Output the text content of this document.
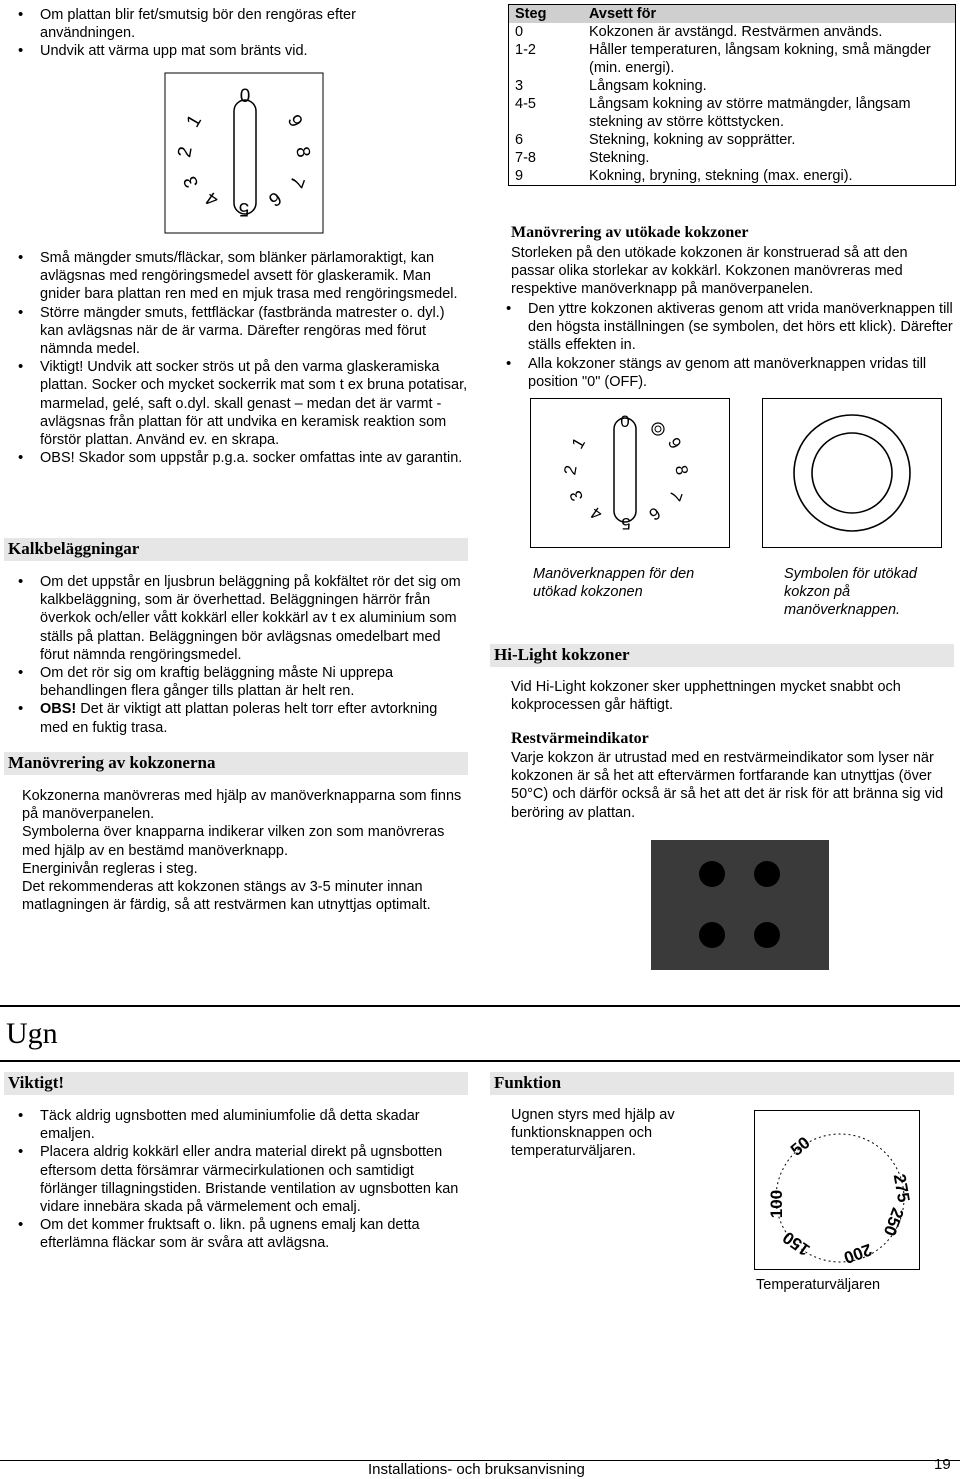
• Om plattan blir fet/smutsig bör den rengöras efter användningen.
• Undvik att värma upp mat som bränts vid.
0
1
2
3
4 5 6
7
8
9
• Små mängder smuts/fläckar, som blänker pärlamoraktigt, kan avlägsnas med rengöringsmedel avsett för glaskeramik. Man gnider bara plattan ren med en mjuk trasa med rengöringsmedel.
• Större mängder smuts, fettfläckar (fastbrända matrester o. dyl.) kan avlägsnas när de är varma. Därefter rengöras med förut nämnda medel.
• Viktigt! Undvik att socker strös ut på den varma glaskeramiska plattan. Socker och mycket sockerrik mat som t ex bruna potatisar, marmelad, gelé, saft o.dyl. skall genast – medan det är varmt - avlägsnas från plattan för att undvika en keramisk reaktion som förstör plattan. Använd ev. en skrapa.
• OBS! Skador som uppstår p.g.a. socker omfattas inte av garantin.
Kalkbeläggningar
• Om det uppstår en ljusbrun beläggning på kokfältet rör det sig om kalkbeläggning, som är överhettad. Beläggningen härrör från överkok och/eller vått kokkärl eller kokkärl av t ex aluminium som ställs på plattan. Beläggningen bör avlägsnas omedelbart med förut nämnda rengöringsmedel.
• Om det rör sig om kraftig beläggning måste Ni upprepa behandlingen flera gånger tills plattan är helt ren.
• OBS! Det är viktigt att plattan poleras helt torr efter avtorkning med en fuktig trasa.
Manövrering av kokzonerna

Kokzonerna manövreras med hjälp av manöverknapparna som finns på manöverpanelen.

Symbolerna över knapparna indikerar vilken zon som manövreras med hjälp av en bestämd manöverknapp.

Energinivån regleras i steg.

Det rekommenderas att kokzonen stängs av 3-5 minuter innan matlagningen är färdig, så att restvärmen kan utnyttjas optimalt.

Steg	Avsett för
0	Kokzonen är avstängd. Restvärmen används.
1-2	Håller temperaturen, långsam kokning, små mängder (min. energi).
3	Långsam kokning.
4-5	Långsam kokning av större matmängder, långsam stekning av större köttstycken.
6	Stekning, kokning av sopprätter.
7-8	Stekning.
9	Kokning, bryning, stekning (max. energi).
Manövrering av utökade kokzoner
Storleken på den utökade kokzonen är konstruerad så att den passar olika storlekar av kokkärl. Kokzonen manövreras med respektive manöverknapp på manöverpanelen.
• Den yttre kokzonen aktiveras genom att vrida manöverknappen till den högsta inställningen (se symbolen, det hörs ett klick). Därefter ställs effekten in.
• Alla kokzoner stängs av genom att manöverknappen vridas till position "0" (OFF).
0
1
2
3
4 5 6
7
8
9
Manöverknappen för den utökad kokzonen
Symbolen för utökad kokzon på manöverknappen.
Hi-Light kokzoner
Vid Hi-Light kokzoner sker upphettningen mycket snabbt och kokprocessen går häftigt.
Restvärmeindikator
Varje kokzon är utrustad med en restvärmeindikator som lyser när kokzonen är så het att eftervärmen fortfarande kan utnyttjas (över 50°C) och därför också är så het att det är risk för att bränna sig vid beröring av plattan.
Ugn
Viktigt!
• Täck aldrig ugnsbotten med aluminiumfolie då detta skadar emaljen.
• Placera aldrig kokkärl eller andra material direkt på ugnsbotten eftersom detta försämrar värmecirkulationen och samtidigt förlänger tillagningstiden. Bristande ventilation av ugnsbotten kan vidare innebära skada på värmelement och emalj.
• Om det kommer fruktsaft o. likn. på ugnens emalj kan detta efterlämna fläckar som är svåra att avlägsna.
Funktion
Ugnen styrs med hjälp av funktionsknappen och temperaturväljaren.	50
100
150 200
250
275
Temperaturväljaren
Installations- och bruksanvisning	19
